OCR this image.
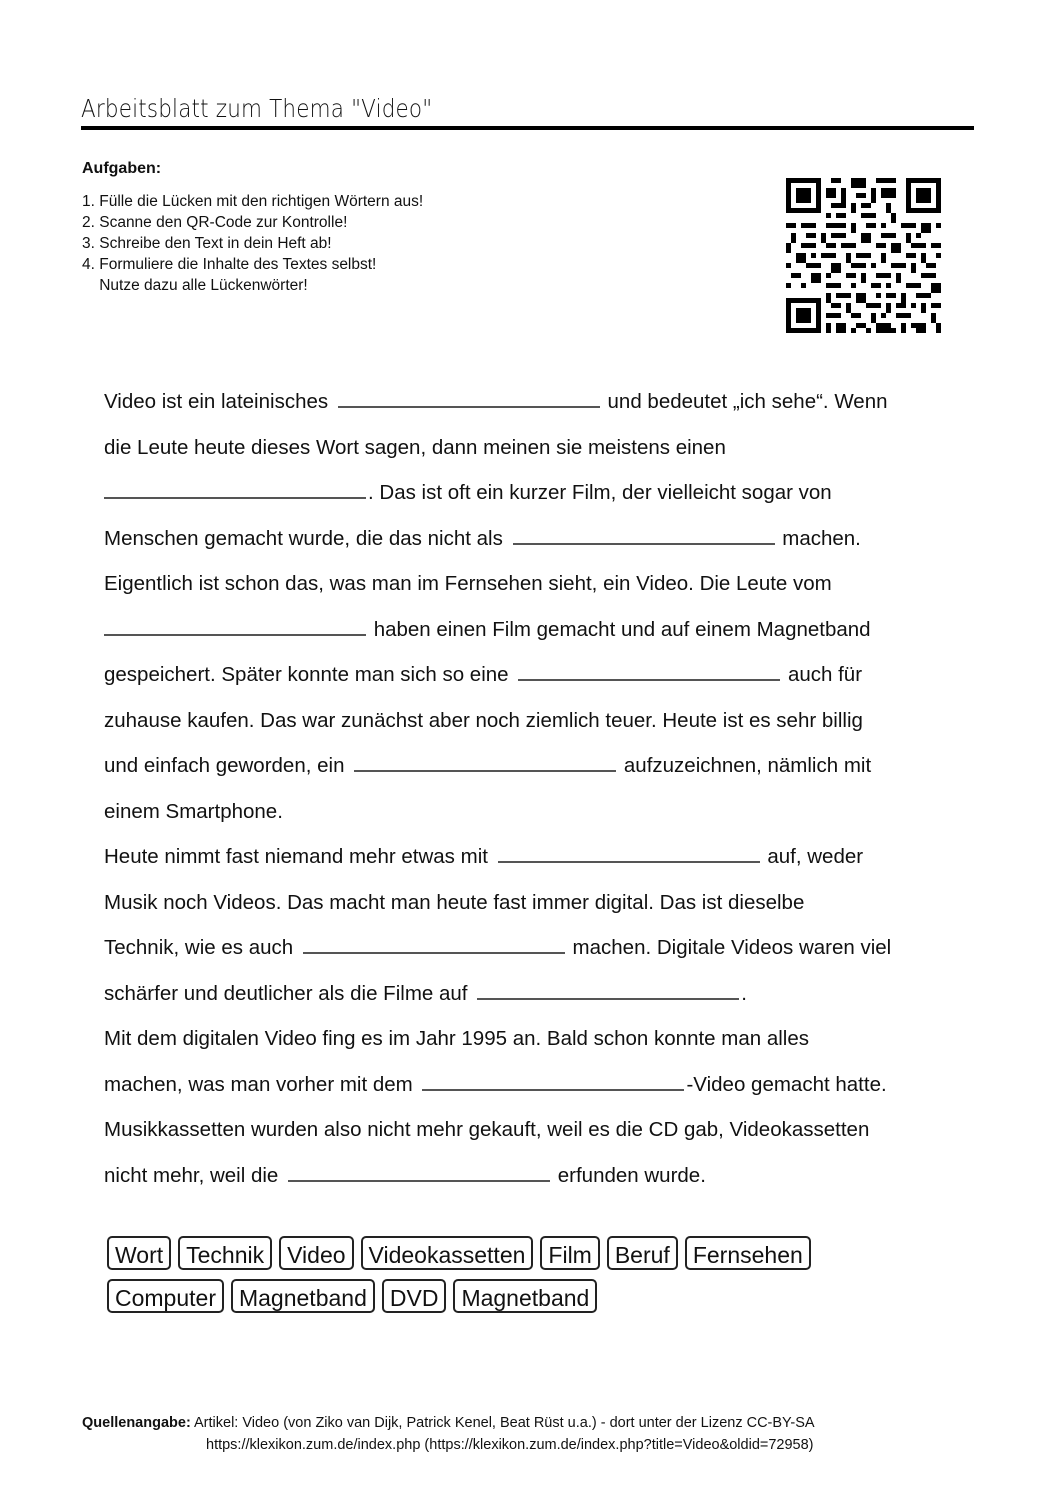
Arbeitsblatt zum Thema "Video"
Aufgaben:
1. Fülle die Lücken mit den richtigen Wörtern aus!
2. Scanne den QR-Code zur Kontrolle!
3. Schreibe den Text in dein Heft ab!
4. Formuliere die Inhalte des Textes selbst!
Nutze dazu alle Lückenwörter!
Video ist ein lateinisches	und bedeutet „ich sehe“. Wenn
die Leute heute dieses Wort sagen, dann meinen sie meistens einen
. Das ist oft ein kurzer Film, der vielleicht sogar von
Menschen gemacht wurde, die das nicht als	machen.
Eigentlich ist schon das, was man im Fernsehen sieht, ein Video. Die Leute vom
haben einen Film gemacht und auf einem Magnetband
gespeichert. Später konnte man sich so eine	auch für
zuhause kaufen. Das war zunächst aber noch ziemlich teuer. Heute ist es sehr billig
und einfach geworden, ein	aufzuzeichnen, nämlich mit
einem Smartphone.
Heute nimmt fast niemand mehr etwas mit	auf, weder
Musik noch Videos. Das macht man heute fast immer digital. Das ist dieselbe
Technik, wie es auch	machen. Digitale Videos waren viel
schärfer und deutlicher als die Filme auf	.
Mit dem digitalen Video fing es im Jahr 1995 an. Bald schon konnte man alles
machen, was man vorher mit dem	-Video gemacht hatte.
Musikkassetten wurden also nicht mehr gekauft, weil es die CD gab, Videokassetten
nicht mehr, weil die	erfunden wurde.
Wort	Technik	Video	Videokassetten	Film	Beruf	Fernsehen
Computer	Magnetband	DVD	Magnetband
Quellenangabe: Artikel: Video (von Ziko van Dijk, Patrick Kenel, Beat Rüst u.a.) - dort unter der Lizenz CC-BY-SA
https://klexikon.zum.de/index.php (https://klexikon.zum.de/index.php?title=Video&oldid=72958)
